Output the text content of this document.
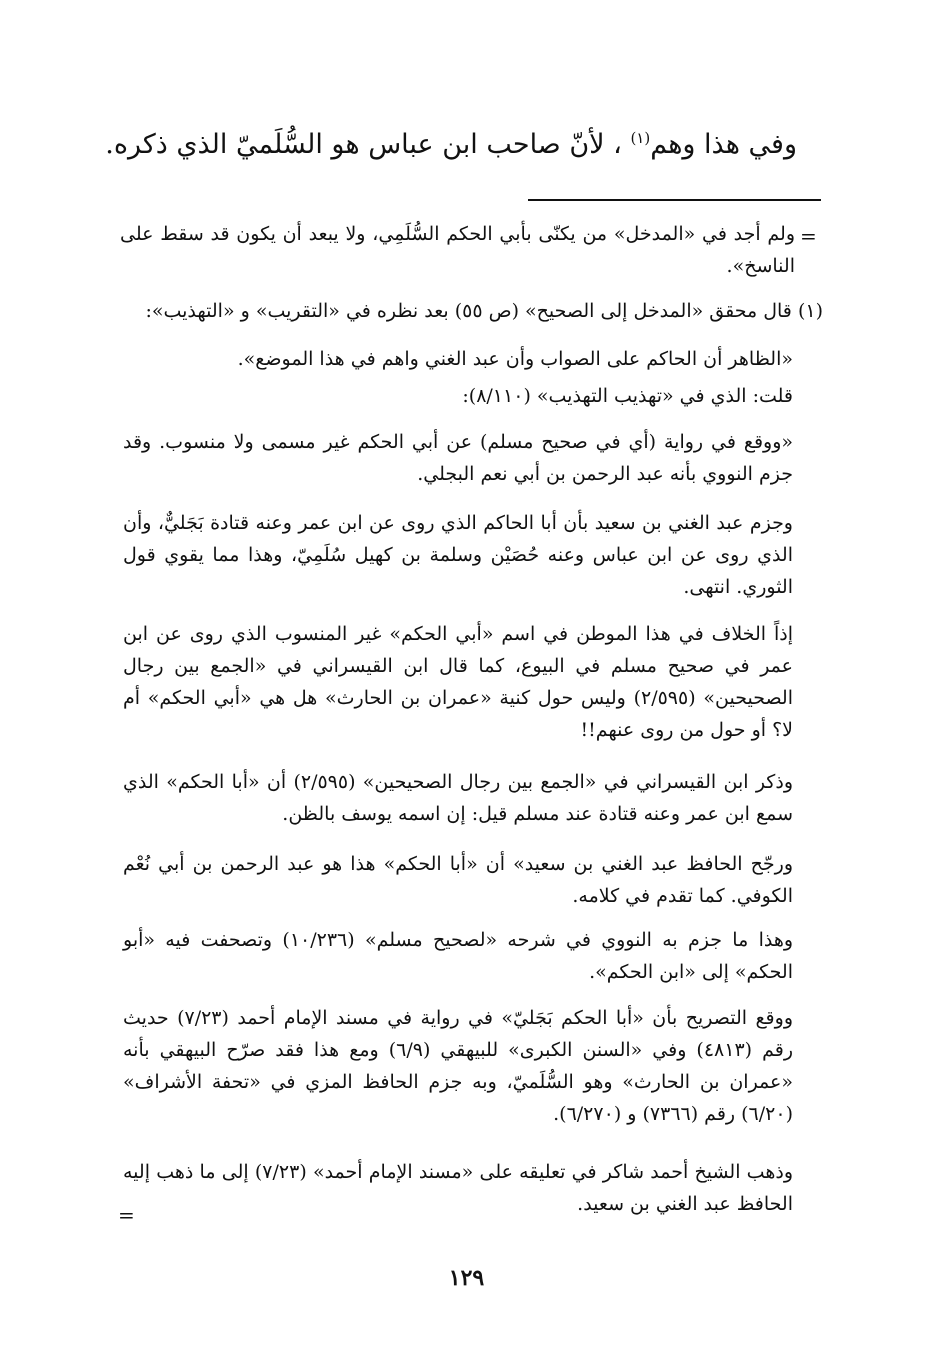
وفي هذا وهم$^{(١)}$ ، لأنّ صاحب ابن عباس هو السُّلَميّ الذي ذكره.
=
ولم أجد في «المدخل» من يكنّى بأبي الحكم السُّلَمِي، ولا يبعد أن يكون قد سقط على الناسخ».
(١) قال محقق «المدخل إلى الصحيح» (ص ٥٥) بعد نظره في «التقريب» و «التهذيب»:
«الظاهر أن الحاكم على الصواب وأن عبد الغني واهم في هذا الموضع».
قلت: الذي في «تهذيب التهذيب» (٨/١١٠):
«ووقع في رواية (أي في صحيح مسلم) عن أبي الحكم غير مسمى ولا منسوب. وقد جزم النووي بأنه عبد الرحمن بن أبي نعم البجلي.
وجزم عبد الغني بن سعيد بأن أبا الحاكم الذي روى عن ابن عمر وعنه قتادة بَجَليٌّ، وأن الذي روى عن ابن عباس وعنه حُصَيْن وسلمة بن كهيل سُلَمِيّ، وهذا مما يقوي قول الثوري. انتهى.
إذاً الخلاف في هذا الموطن في اسم «أبي الحكم» غير المنسوب الذي روى عن ابن عمر في صحيح مسلم في البيوع، كما قال ابن القيسراني في «الجمع بين رجال الصحيحين» (٢/٥٩٥) وليس حول كنية «عمران بن الحارث» هل هي «أبي الحكم» أم لا؟ أو حول من روى عنهم!!
وذكر ابن القيسراني في «الجمع بين رجال الصحيحين» (٢/٥٩٥) أن «أبا الحكم» الذي سمع ابن عمر وعنه قتادة عند مسلم قيل: إن اسمه يوسف بالظن.
ورجّح الحافظ عبد الغني بن سعيد» أن «أبا الحكم» هذا هو عبد الرحمن بن أبي نُعْم الكوفي. كما تقدم في كلامه.
وهذا ما جزم به النووي في شرحه «لصحيح مسلم» (١٠/٢٣٦) وتصحفت فيه «أبو الحكم» إلى «ابن الحكم».
ووقع التصريح بأن «أبا الحكم بَجَليّ» في رواية في مسند الإمام أحمد (٧/٢٣) حديث رقم (٤٨١٣) وفي «السنن الكبرى» للبيهقي (٦/٩) ومع هذا فقد صرّح البيهقي بأنه «عمران بن الحارث» وهو السُّلَميّ، وبه جزم الحافظ المزي في «تحفة الأشراف» (٦/٢٠) رقم (٧٣٦٦) و (٦/٢٧٠).
وذهب الشيخ أحمد شاكر في تعليقه على «مسند الإمام أحمد» (٧/٢٣) إلى ما ذهب إليه الحافظ عبد الغني بن سعيد.
=
١٢٩
